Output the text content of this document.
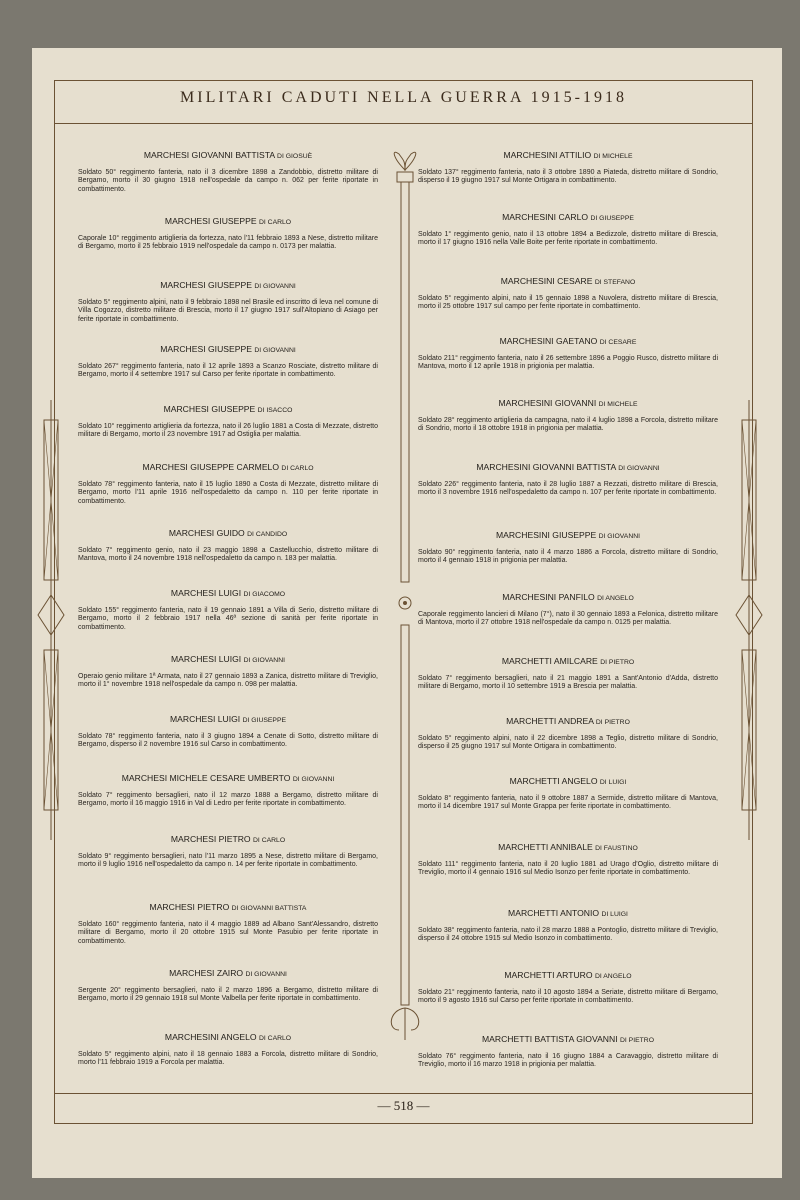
MILITARI CADUTI NELLA GUERRA 1915-1918
MARCHESI GIOVANNI BATTISTA DI GIOSUÈ
Soldato 50° reggimento fanteria, nato il 3 dicembre 1898 a Zandobbio, distretto militare di Bergamo, morto il 30 giugno 1918 nell'ospedale da campo n. 062 per ferite riportate in combattimento.
MARCHESI GIUSEPPE DI CARLO
Caporale 10° reggimento artiglieria da fortezza, nato l'11 febbraio 1893 a Nese, distretto militare di Bergamo, morto il 25 febbraio 1919 nell'ospedale da campo n. 0173 per malattia.
MARCHESI GIUSEPPE DI GIOVANNI
Soldato 5° reggimento alpini, nato il 9 febbraio 1898 nel Brasile ed inscritto di leva nel comune di Villa Cogozzo, distretto militare di Brescia, morto il 17 giugno 1917 sull'Altopiano di Asiago per ferite riportate in combattimento.
MARCHESI GIUSEPPE DI GIOVANNI
Soldato 267° reggimento fanteria, nato il 12 aprile 1893 a Scanzo Rosciate, distretto militare di Bergamo, morto il 4 settembre 1917 sul Carso per ferite riportate in combattimento.
MARCHESI GIUSEPPE DI ISACCO
Soldato 10° reggimento artiglieria da fortezza, nato il 26 luglio 1881 a Costa di Mezzate, distretto militare di Bergamo, morto il 23 novembre 1917 ad Ostiglia per malattia.
MARCHESI GIUSEPPE CARMELO DI CARLO
Soldato 78° reggimento fanteria, nato il 15 luglio 1890 a Costa di Mezzate, distretto militare di Bergamo, morto l'11 aprile 1916 nell'ospedaletto da campo n. 110 per ferite riportate in combattimento.
MARCHESI GUIDO DI CANDIDO
Soldato 7° reggimento genio, nato il 23 maggio 1898 a Castellucchio, distretto militare di Mantova, morto il 24 novembre 1918 nell'ospedaletto da campo n. 183 per malattia.
MARCHESI LUIGI DI GIACOMO
Soldato 155° reggimento fanteria, nato il 19 gennaio 1891 a Villa di Serio, distretto militare di Bergamo, morto il 2 febbraio 1917 nella 46ª sezione di sanità per ferite riportate in combattimento.
MARCHESI LUIGI DI GIOVANNI
Operaio genio militare 1ª Armata, nato il 27 gennaio 1893 a Zanica, distretto militare di Treviglio, morto il 1° novembre 1918 nell'ospedale da campo n. 098 per malattia.
MARCHESI LUIGI DI GIUSEPPE
Soldato 78° reggimento fanteria, nato il 3 giugno 1894 a Cenate di Sotto, distretto militare di Bergamo, disperso il 2 novembre 1916 sul Carso in combattimento.
MARCHESI MICHELE CESARE UMBERTO DI GIOVANNI
Soldato 7° reggimento bersaglieri, nato il 12 marzo 1888 a Bergamo, distretto militare di Bergamo, morto il 16 maggio 1916 in Val di Ledro per ferite riportate in combattimento.
MARCHESI PIETRO DI CARLO
Soldato 9° reggimento bersaglieri, nato l'11 marzo 1895 a Nese, distretto militare di Bergamo, morto il 9 luglio 1916 nell'ospedaletto da campo n. 14 per ferite riportate in combattimento.
MARCHESI PIETRO DI GIOVANNI BATTISTA
Soldato 160° reggimento fanteria, nato il 4 maggio 1889 ad Albano Sant'Alessandro, distretto militare di Bergamo, morto il 20 ottobre 1915 sul Monte Pasubio per ferite riportate in combattimento.
MARCHESI ZAIRO DI GIOVANNI
Sergente 20° reggimento bersaglieri, nato il 2 marzo 1896 a Bergamo, distretto militare di Bergamo, morto il 29 gennaio 1918 sul Monte Valbella per ferite riportate in combattimento.
MARCHESINI ANGELO DI CARLO
Soldato 5° reggimento alpini, nato il 18 gennaio 1883 a Forcola, distretto militare di Sondrio, morto l'11 febbraio 1919 a Forcola per malattia.
MARCHESINI ATTILIO DI MICHELE
Soldato 137° reggimento fanteria, nato il 3 ottobre 1890 a Piateda, distretto militare di Sondrio, disperso il 19 giugno 1917 sul Monte Ortigara in combattimento.
MARCHESINI CARLO DI GIUSEPPE
Soldato 1° reggimento genio, nato il 13 ottobre 1894 a Bedizzole, distretto militare di Brescia, morto il 17 giugno 1916 nella Valle Boite per ferite riportate in combattimento.
MARCHESINI CESARE DI STEFANO
Soldato 5° reggimento alpini, nato il 15 gennaio 1898 a Nuvolera, distretto militare di Brescia, morto il 25 ottobre 1917 sul campo per ferite riportate in combattimento.
MARCHESINI GAETANO DI CESARE
Soldato 211° reggimento fanteria, nato il 26 settembre 1896 a Poggio Rusco, distretto militare di Mantova, morto il 12 aprile 1918 in prigionia per malattia.
MARCHESINI GIOVANNI DI MICHELE
Soldato 28° reggimento artiglieria da campagna, nato il 4 luglio 1898 a Forcola, distretto militare di Sondrio, morto il 18 ottobre 1918 in prigionia per malattia.
MARCHESINI GIOVANNI BATTISTA DI GIOVANNI
Soldato 226° reggimento fanteria, nato il 28 luglio 1887 a Rezzati, distretto militare di Brescia, morto il 3 novembre 1916 nell'ospedaletto da campo n. 107 per ferite riportate in combattimento.
MARCHESINI GIUSEPPE DI GIOVANNI
Soldato 90° reggimento fanteria, nato il 4 marzo 1886 a Forcola, distretto militare di Sondrio, morto il 4 gennaio 1918 in prigionia per malattia.
MARCHESINI PANFILO DI ANGELO
Caporale reggimento lancieri di Milano (7°), nato il 30 gennaio 1893 a Felonica, distretto militare di Mantova, morto il 27 ottobre 1918 nell'ospedale da campo n. 0125 per malattia.
MARCHETTI AMILCARE DI PIETRO
Soldato 7° reggimento bersaglieri, nato il 21 maggio 1891 a Sant'Antonio d'Adda, distretto militare di Bergamo, morto il 10 settembre 1919 a Brescia per malattia.
MARCHETTI ANDREA DI PIETRO
Soldato 5° reggimento alpini, nato il 22 dicembre 1898 a Teglio, distretto militare di Sondrio, disperso il 25 giugno 1917 sul Monte Ortigara in combattimento.
MARCHETTI ANGELO DI LUIGI
Soldato 8° reggimento fanteria, nato il 9 ottobre 1887 a Sermide, distretto militare di Mantova, morto il 14 dicembre 1917 sul Monte Grappa per ferite riportate in combattimento.
MARCHETTI ANNIBALE DI FAUSTINO
Soldato 111° reggimento fanteria, nato il 20 luglio 1881 ad Urago d'Oglio, distretto militare di Treviglio, morto il 4 gennaio 1916 sul Medio Isonzo per ferite riportate in combattimento.
MARCHETTI ANTONIO DI LUIGI
Soldato 38° reggimento fanteria, nato il 28 marzo 1888 a Pontoglio, distretto militare di Treviglio, disperso il 24 ottobre 1915 sul Medio Isonzo in combattimento.
MARCHETTI ARTURO DI ANGELO
Soldato 21° reggimento fanteria, nato il 10 agosto 1894 a Seriate, distretto militare di Bergamo, morto il 9 agosto 1916 sul Carso per ferite riportate in combattimento.
MARCHETTI BATTISTA GIOVANNI DI PIETRO
Soldato 76° reggimento fanteria, nato il 16 giugno 1884 a Caravaggio, distretto militare di Treviglio, morto il 16 marzo 1918 in prigionia per malattia.
— 518 —
